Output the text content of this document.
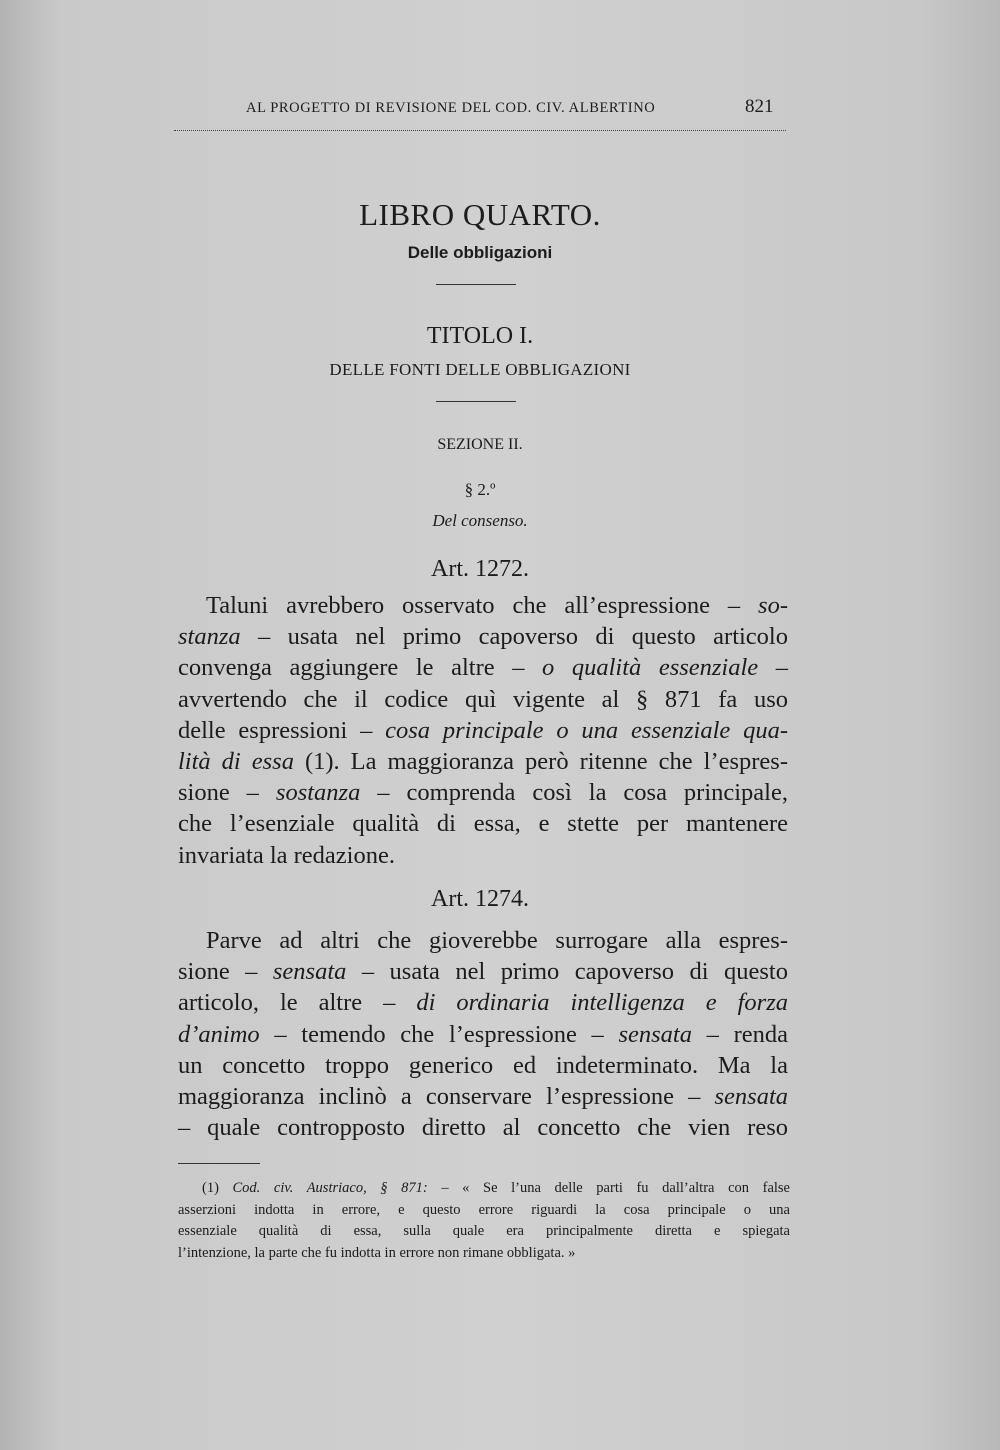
AL PROGETTO DI REVISIONE DEL COD. CIV. ALBERTINO	821
LIBRO QUARTO.
Delle obbligazioni
TITOLO I.
DELLE FONTI DELLE OBBLIGAZIONI
SEZIONE II.
§ 2.º
Del consenso.
Art. 1272.
Taluni avrebbero osservato che all’espressione – so-
stanza – usata nel primo capoverso di questo articolo
convenga aggiungere le altre – o qualità essenziale –
avvertendo che il codice quì vigente al § 871 fa uso
delle espressioni – cosa principale o una essenziale qua-
lità di essa (1). La maggioranza però ritenne che l’espres-
sione – sostanza – comprenda così la cosa principale,
che l’esenziale qualità di essa, e stette per mantenere
invariata la redazione.
Art. 1274.
Parve ad altri che gioverebbe surrogare alla espres-
sione – sensata – usata nel primo capoverso di questo
articolo, le altre – di ordinaria intelligenza e forza
d’animo – temendo che l’espressione – sensata – renda
un concetto troppo generico ed indeterminato. Ma la
maggioranza inclinò a conservare l’espressione – sensata
– quale contropposto diretto al concetto che vien reso
(1) Cod. civ. Austriaco, § 871: – « Se l’una delle parti fu dall’altra con false
asserzioni indotta in errore, e questo errore riguardi la cosa principale o una
essenziale qualità di essa, sulla quale era principalmente diretta e spiegata
l’intenzione, la parte che fu indotta in errore non rimane obbligata. »
